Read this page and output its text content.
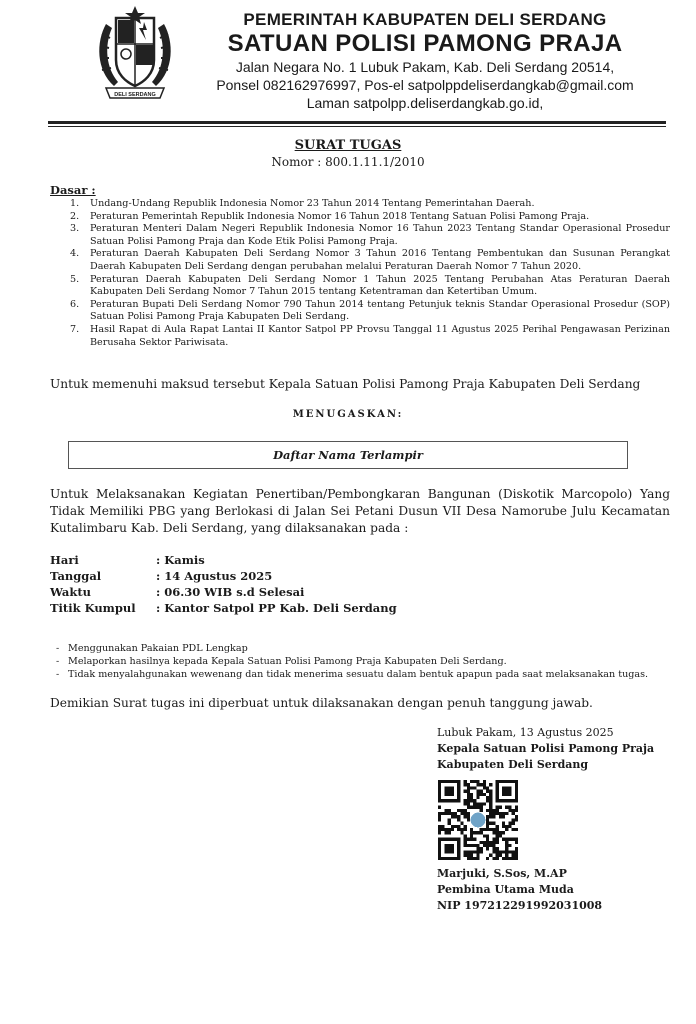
DELI SERDANG
PEMERINTAH KABUPATEN DELI SERDANG
SATUAN POLISI PAMONG PRAJA
Jalan Negara No. 1 Lubuk Pakam, Kab. Deli Serdang 20514,
Ponsel 082162976997, Pos-el satpolppdeliserdangkab@gmail.com
Laman satpolpp.deliserdangkab.go.id,
SURAT TUGAS
Nomor : 800.1.11.1/2010
Dasar :
1. Undang-Undang Republik Indonesia Nomor 23 Tahun 2014 Tentang Pemerintahan Daerah.
2. Peraturan Pemerintah Republik Indonesia Nomor 16 Tahun 2018 Tentang Satuan Polisi Pamong Praja.
3. Peraturan Menteri Dalam Negeri Republik Indonesia Nomor 16 Tahun 2023 Tentang Standar Operasional Prosedur Satuan Polisi Pamong Praja dan Kode Etik Polisi Pamong Praja.
4. Peraturan Daerah Kabupaten Deli Serdang Nomor 3 Tahun 2016 Tentang Pembentukan dan Susunan Perangkat Daerah Kabupaten Deli Serdang dengan perubahan melalui Peraturan Daerah Nomor 7 Tahun 2020.
5. Peraturan Daerah Kabupaten Deli Serdang Nomor 1 Tahun 2025 Tentang Perubahan Atas Peraturan Daerah Kabupaten Deli Serdang Nomor 7 Tahun 2015 tentang Ketentraman dan Ketertiban Umum.
6. Peraturan Bupati Deli Serdang Nomor 790 Tahun 2014 tentang Petunjuk teknis Standar Operasional Prosedur (SOP) Satuan Polisi Pamong Praja Kabupaten Deli Serdang.
7. Hasil Rapat di Aula Rapat Lantai II Kantor Satpol PP Provsu Tanggal 11 Agustus 2025 Perihal Pengawasan Perizinan Berusaha Sektor Pariwisata.
Untuk memenuhi maksud tersebut Kepala Satuan Polisi Pamong Praja Kabupaten Deli Serdang
MENUGASKAN:
Daftar Nama Terlampir
Untuk Melaksanakan Kegiatan Penertiban/Pembongkaran Bangunan (Diskotik Marcopolo) Yang Tidak Memiliki PBG yang Berlokasi di Jalan Sei Petani Dusun VII Desa Namorube Julu Kecamatan Kutalimbaru Kab. Deli Serdang, yang dilaksanakan pada :
Hari	: Kamis
Tanggal	: 14 Agustus 2025
Waktu	: 06.30 WIB s.d Selesai
Titik Kumpul : Kantor Satpol PP Kab. Deli Serdang
- Menggunakan Pakaian PDL Lengkap
- Melaporkan hasilnya kepada Kepala Satuan Polisi Pamong Praja Kabupaten Deli Serdang.
- Tidak menyalahgunakan wewenang dan tidak menerima sesuatu dalam bentuk apapun pada saat melaksanakan tugas.
Demikian Surat tugas ini diperbuat untuk dilaksanakan dengan penuh tanggung jawab.
Lubuk Pakam, 13 Agustus 2025
Kepala Satuan Polisi Pamong Praja
Kabupaten Deli Serdang
Marjuki, S.Sos, M.AP
Pembina Utama Muda
NIP 197212291992031008
